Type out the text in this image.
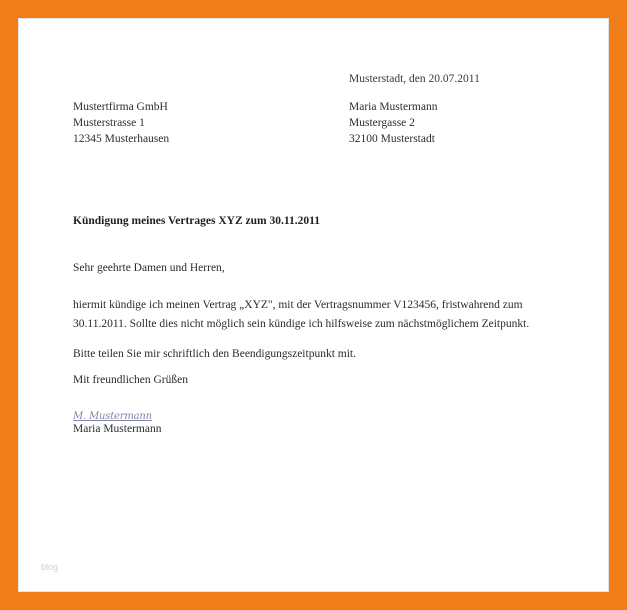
Musterstadt, den 20.07.2011
Mustertfirma GmbH
Musterstrasse 1
12345 Musterhausen
Maria Mustermann
Mustergasse 2
32100 Musterstadt
Kündigung meines Vertrages XYZ zum 30.11.2011
Sehr geehrte Damen und Herren,
hiermit kündige ich meinen Vertrag „XYZ", mit der Vertragsnummer V123456, fristwahrend zum 30.11.2011. Sollte dies nicht möglich sein kündige ich hilfsweise zum nächstmöglichem Zeitpunkt.
Bitte teilen Sie mir schriftlich den Beendigungszeitpunkt mit.
Mit freundlichen Grüßen
M. Mustermann
Maria Mustermann
blog
